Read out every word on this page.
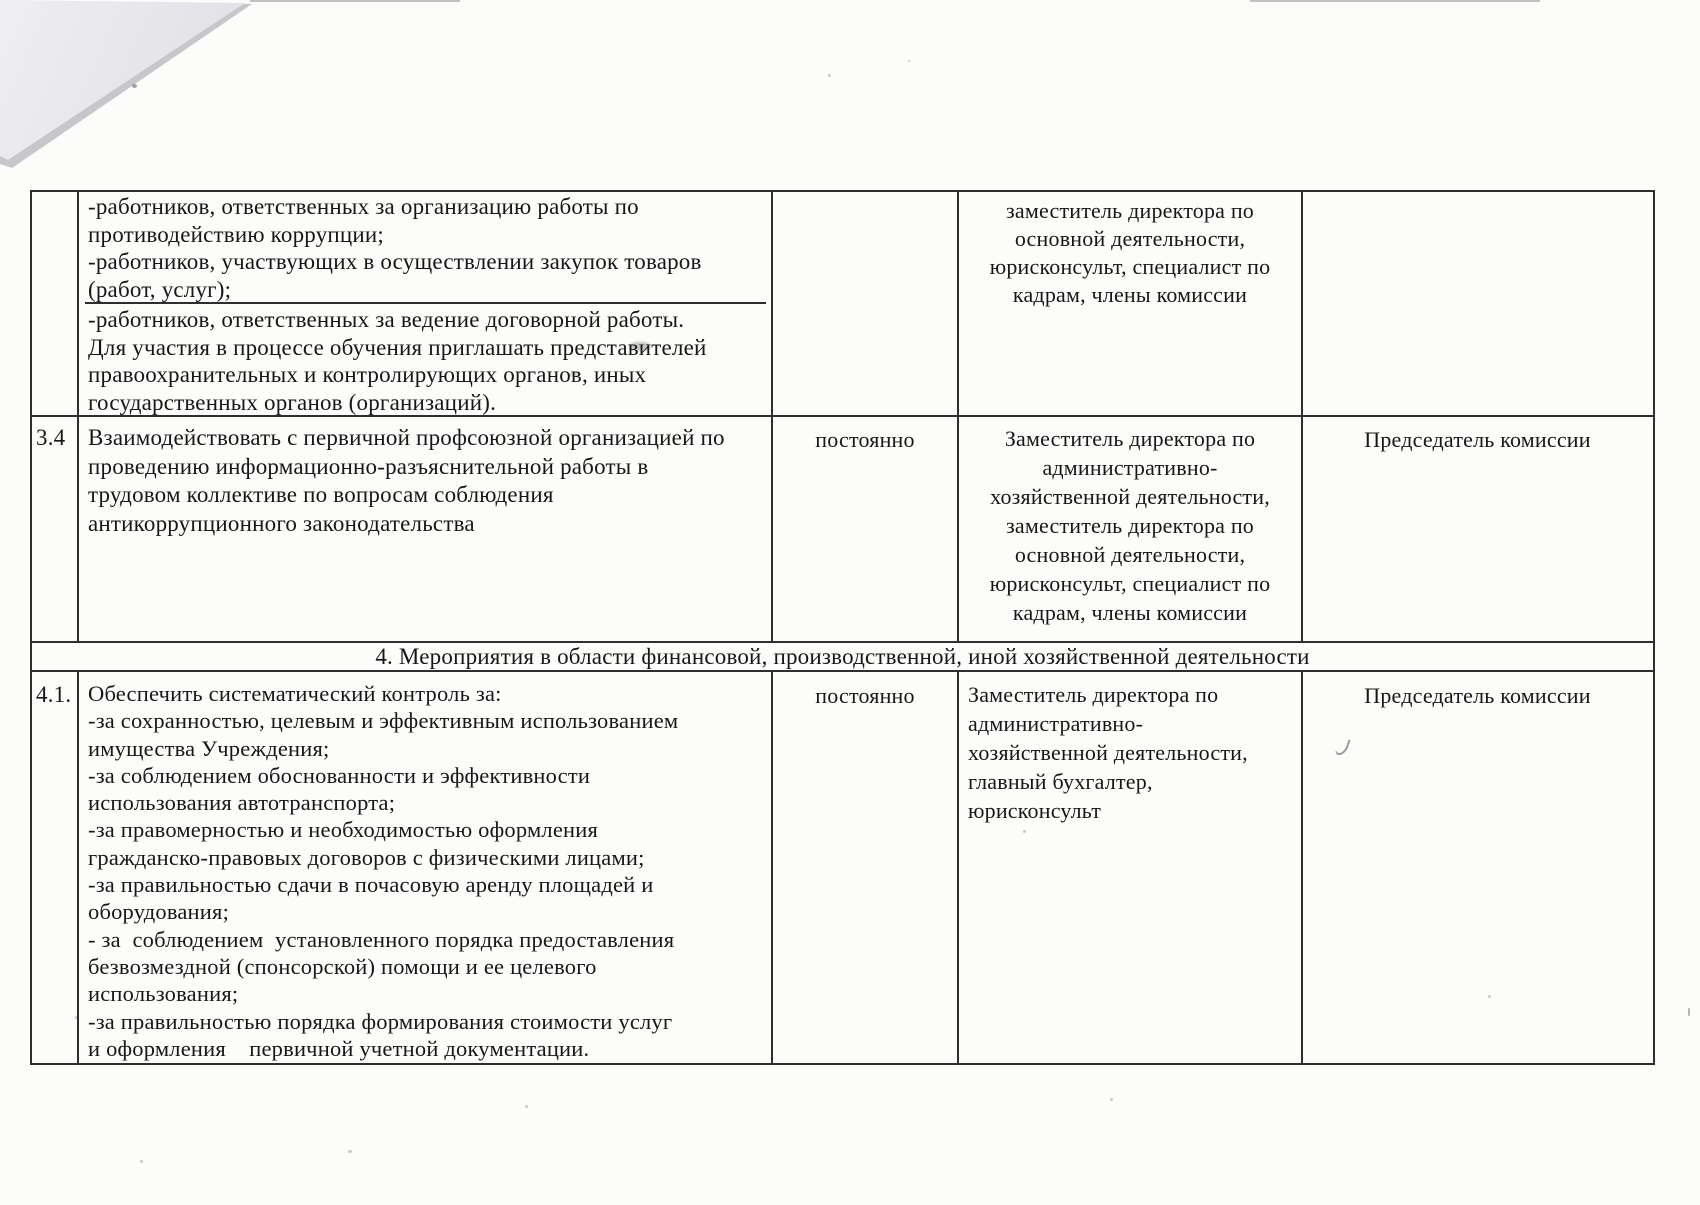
-работников, ответственных за организацию работы по
противодействию коррупции;
-работников, участвующих в осуществлении закупок товаров
(работ, услуг);
-работников, ответственных за ведение договорной работы.
Для участия в процессе обучения приглашать представителей
правоохранительных и контролирующих органов, иных
государственных органов (организаций).
заместитель директора по
основной деятельности,
юрисконсульт, специалист по
кадрам, члены комиссии
3.4 Взаимодействовать с первичной профсоюзной организацией по
проведению информационно-разъяснительной работы в
трудовом коллективе по вопросам соблюдения
антикоррупционного законодательства
постоянно	Заместитель директора по
административно-
хозяйственной деятельности,
заместитель директора по
основной деятельности,
юрисконсульт, специалист по
кадрам, члены комиссии
Председатель комиссии
4. Мероприятия в области финансовой, производственной, иной хозяйственной деятельности
4.1. Обеспечить систематический контроль за:
-за сохранностью, целевым и эффективным использованием
имущества Учреждения;
-за соблюдением обоснованности и эффективности
использования автотранспорта;
-за правомерностью и необходимостью оформления
гражданско-правовых договоров с физическими лицами;
-за правильностью сдачи в почасовую аренду площадей и
оборудования;
- за  соблюдением  установленного порядка предоставления
безвозмездной (спонсорской) помощи и ее целевого
использования;
-за правильностью порядка формирования стоимости услуг
и оформления    первичной учетной документации.
постоянно	Заместитель директора по
административно-
хозяйственной деятельности,
главный бухгалтер,
юрисконсульт
Председатель комиссии
